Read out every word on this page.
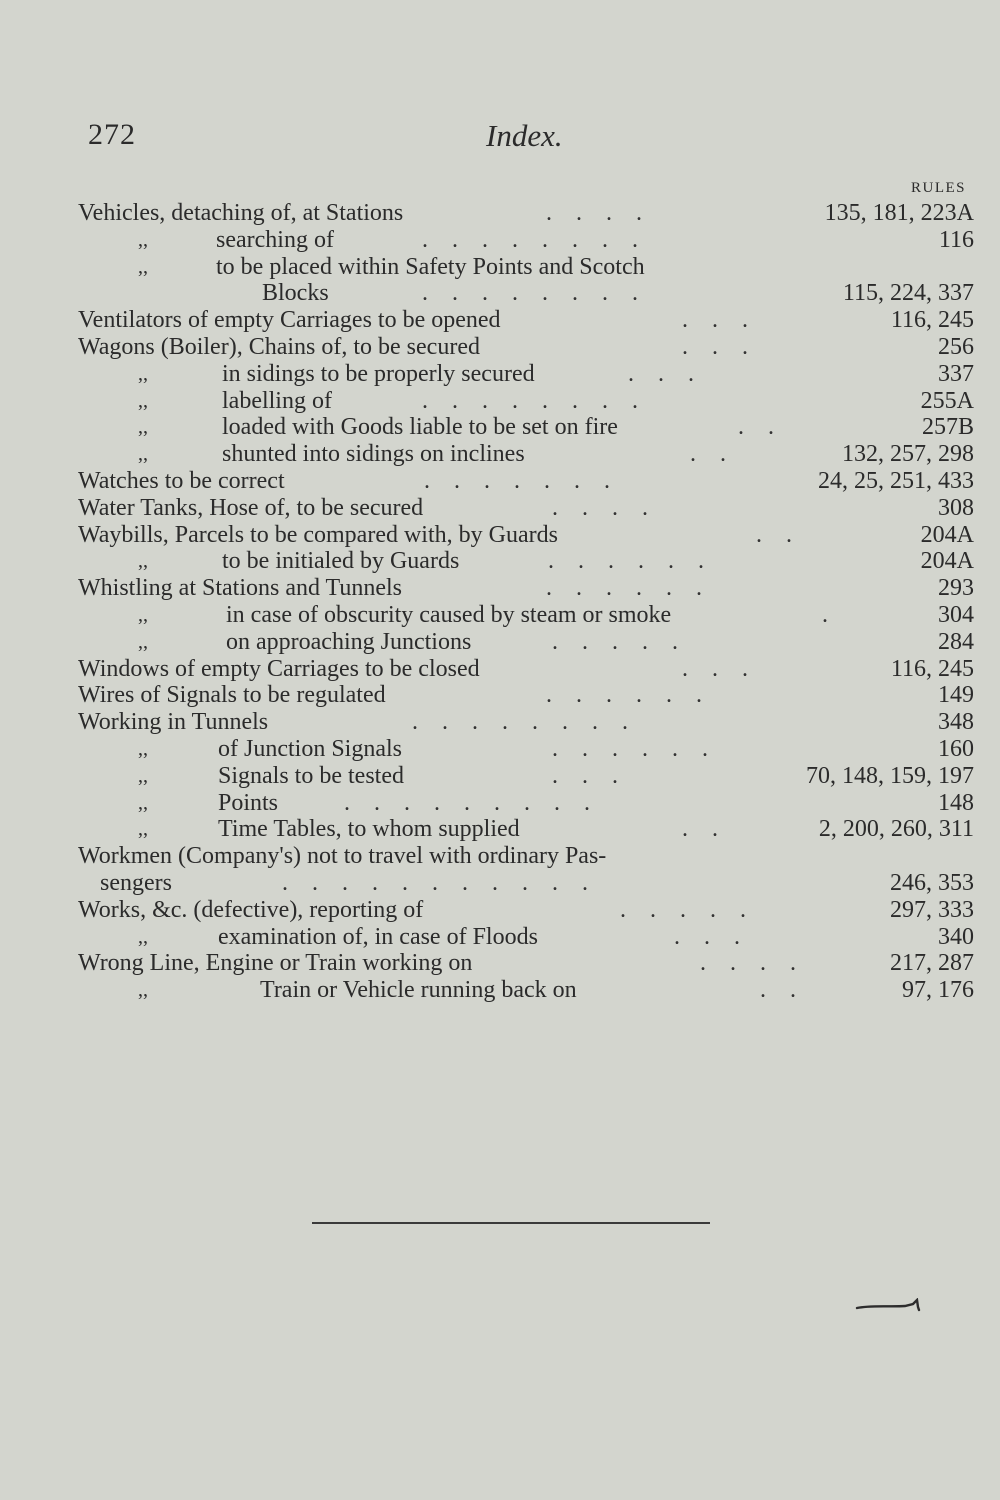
272	Index.
RULES
Vehicles, detaching of, at Stations	.    .    .    .	135, 181, 223A
,,	searching of	.    .    .    .    .    .    .    .	116
,,	to be placed within Safety Points and Scotch
Blocks	.    .    .    .    .    .    .    .	115, 224, 337
Ventilators of empty Carriages to be opened	.    .    .	116, 245
Wagons (Boiler), Chains of, to be secured	.    .    .	256
,,	in sidings to be properly secured	.    .    .	337
,,	labelling of	.    .    .    .    .    .    .    .	255A
,,	loaded with Goods liable to be set on fire	.    .	257B
,,	shunted into sidings on inclines	.    .	132, 257, 298
Watches to be correct	.    .    .    .    .    .    .	24, 25, 251, 433
Water Tanks, Hose of, to be secured	.    .    .    .	308
Waybills, Parcels to be compared with, by Guards	.    .	204A
,,	to be initialed by Guards	.    .    .    .    .    .	204A
Whistling at Stations and Tunnels	.    .    .    .    .    .	293
,,	in case of obscurity caused by steam or smoke	.	304
,,	on approaching Junctions	.    .    .    .    .	284
Windows of empty Carriages to be closed	.    .    .	116, 245
Wires of Signals to be regulated	.    .    .    .    .    .	149
Working in Tunnels	.    .    .    .    .    .    .    .	348
,,	of Junction Signals	.    .    .    .    .    .	160
,,	Signals to be tested	.    .    .	70, 148, 159, 197
,,	Points	.    .    .    .    .    .    .    .    .	148
,,	Time Tables, to whom supplied	.    .	2, 200, 260, 311
Workmen (Company's) not to travel with ordinary Pas-
sengers	.    .    .    .    .    .    .    .    .    .    .	246, 353
Works, &c. (defective), reporting of	.    .    .    .    .	297, 333
,,	examination of, in case of Floods	.    .    .	340
Wrong Line, Engine or Train working on	.    .    .    .	217, 287
,,	Train or Vehicle running back on	.    .	97, 176
